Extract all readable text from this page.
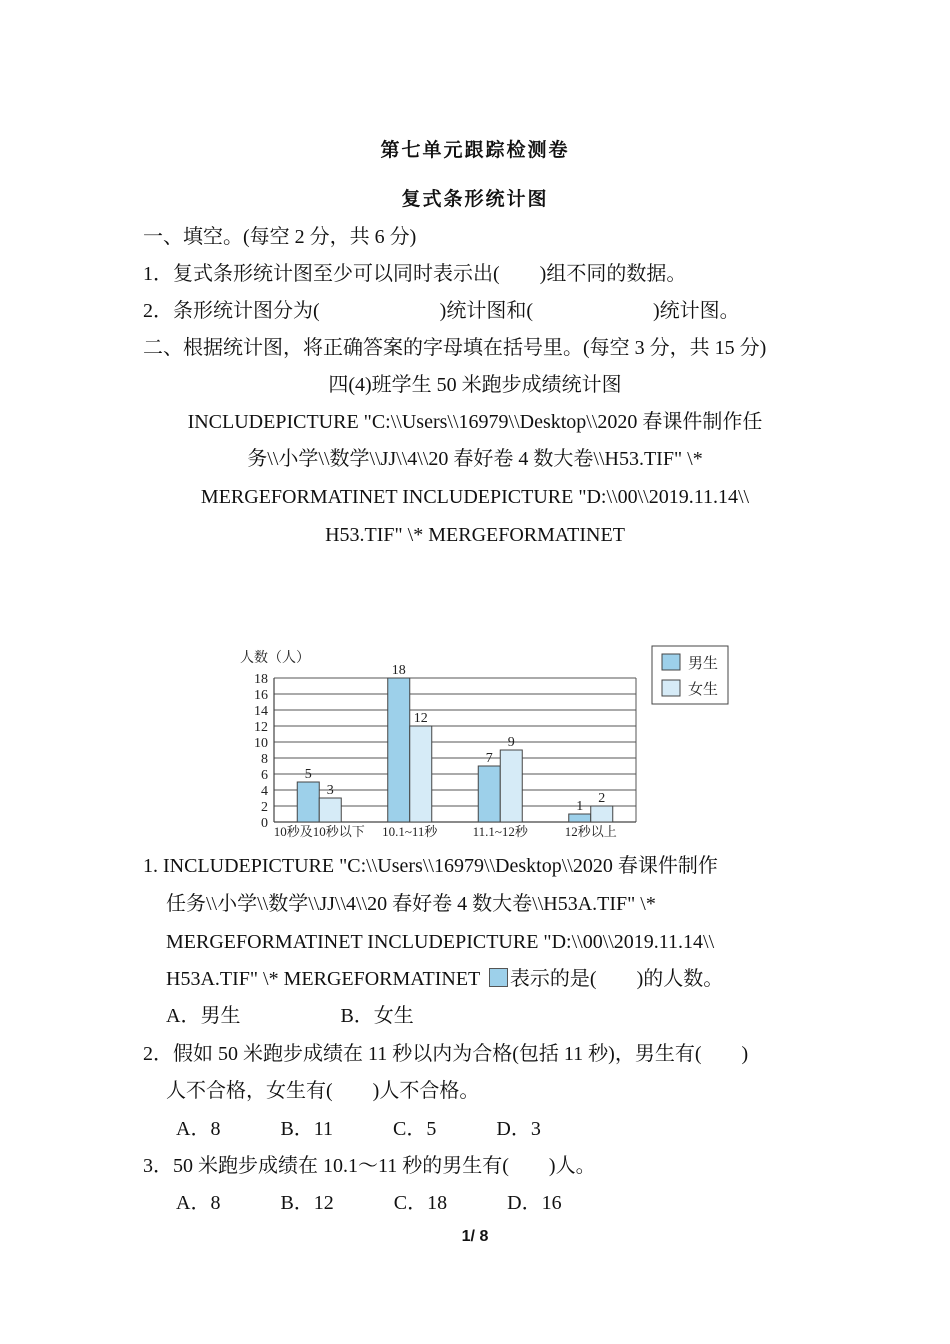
第七单元跟踪检测卷
复式条形统计图
一、填空。(每空 2 分，共 6 分)
1．复式条形统计图至少可以同时表示出(　　)组不同的数据。
2．条形统计图分为(　　　　　　)统计图和(　　　　　　)统计图。
二、根据统计图，将正确答案的字母填在括号里。(每空 3 分，共 15 分)
四(4)班学生 50 米跑步成绩统计图
INCLUDEPICTURE "C:\\Users\\16979\\Desktop\\2020 春课件制作任
务\\小学\\数学\\JJ\\4\\20 春好卷 4 数大卷\\H53.TIF" \*
MERGEFORMATINET INCLUDEPICTURE "D:\\00\\2019.11.14\\
H53.TIF" \* MERGEFORMATINET
人数（人）
0
2
4
6
8
10
12
14
16
18
5
3
10秒及10秒以下
18
12
10.1~11秒
7
9
11.1~12秒
1
2
12秒以上
男生
女生
1. INCLUDEPICTURE "C:\\Users\\16979\\Desktop\\2020 春课件制作
任务\\小学\\数学\\JJ\\4\\20 春好卷 4 数大卷\\H53A.TIF" \*
MERGEFORMATINET INCLUDEPICTURE "D:\\00\\2019.11.14\\
H53A.TIF" \* MERGEFORMATINET 表示的是(　　)的人数。
A．男生　　　　　B．女生
2．假如 50 米跑步成绩在 11 秒以内为合格(包括 11 秒)，男生有(　　)
人不合格，女生有(　　)人不合格。
A．8　　　B．11　　　C．5　　　D．3
3．50 米跑步成绩在 10.1～11 秒的男生有(　　)人。
A．8　　　B．12　　　C．18　　　D．16
1/ 8
